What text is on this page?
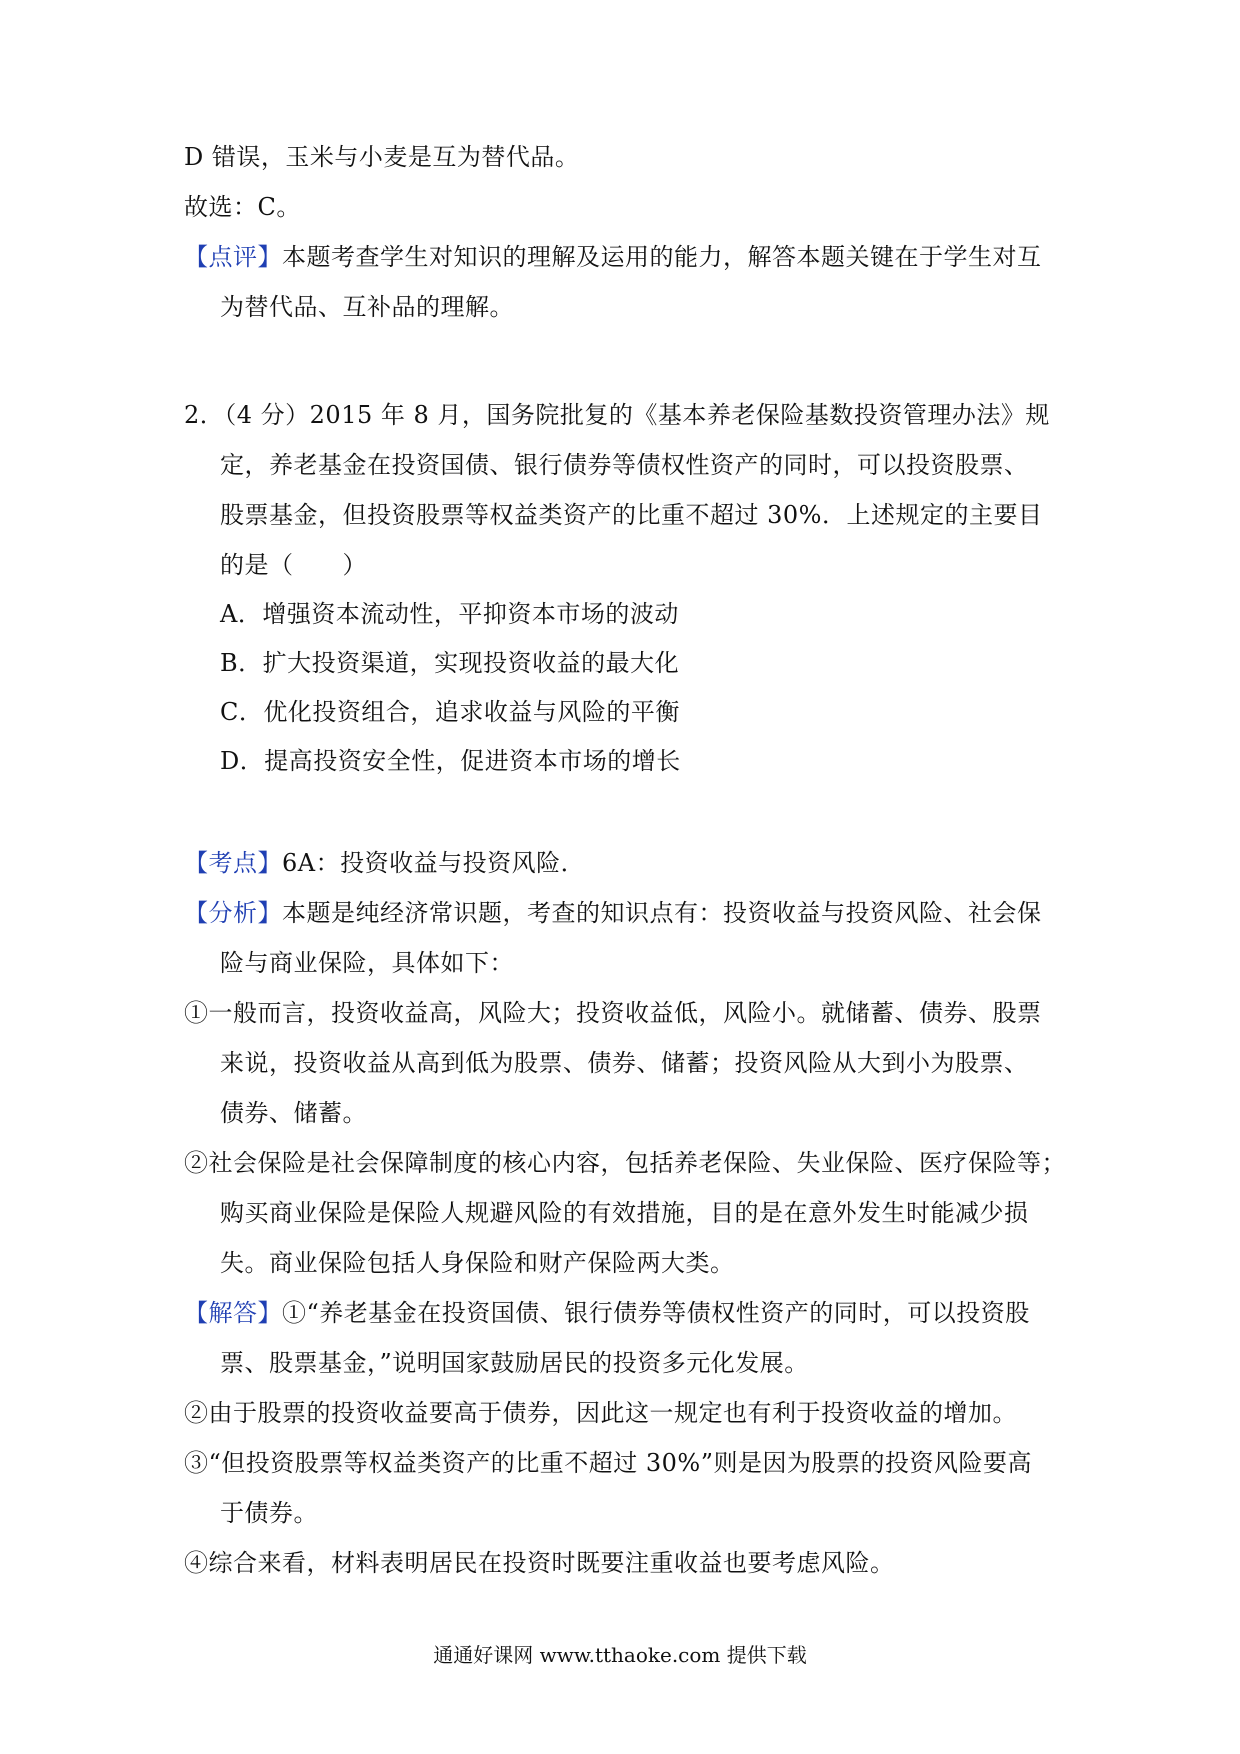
D 错误，玉米与小麦是互为替代品。
故选：C。
【点评】本题考查学生对知识的理解及运用的能力，解答本题关键在于学生对互
为替代品、互补品的理解。
2．（4 分）2015 年 8 月，国务院批复的《基本养老保险基数投资管理办法》规
定，养老基金在投资国债、银行债券等债权性资产的同时，可以投资股票、
股票基金，但投资股票等权益类资产的比重不超过 30%．上述规定的主要目
的是（　　）
A．增强资本流动性，平抑资本市场的波动
B．扩大投资渠道，实现投资收益的最大化
C．优化投资组合，追求收益与风险的平衡
D．提高投资安全性，促进资本市场的增长
【考点】6A：投资收益与投资风险．
【分析】本题是纯经济常识题，考查的知识点有：投资收益与投资风险、社会保
险与商业保险，具体如下：
①一般而言，投资收益高，风险大；投资收益低，风险小。就储蓄、债券、股票
来说，投资收益从高到低为股票、债券、储蓄；投资风险从大到小为股票、
债券、储蓄。
②社会保险是社会保障制度的核心内容，包括养老保险、失业保险、医疗保险等；
购买商业保险是保险人规避风险的有效措施，目的是在意外发生时能减少损
失。商业保险包括人身保险和财产保险两大类。
【解答】①“养老基金在投资国债、银行债券等债权性资产的同时，可以投资股
票、股票基金，”说明国家鼓励居民的投资多元化发展。
②由于股票的投资收益要高于债券，因此这一规定也有利于投资收益的增加。
③“但投资股票等权益类资产的比重不超过 30%”则是因为股票的投资风险要高
于债券。
④综合来看，材料表明居民在投资时既要注重收益也要考虑风险。
通通好课网 www.tthaoke.com 提供下载
